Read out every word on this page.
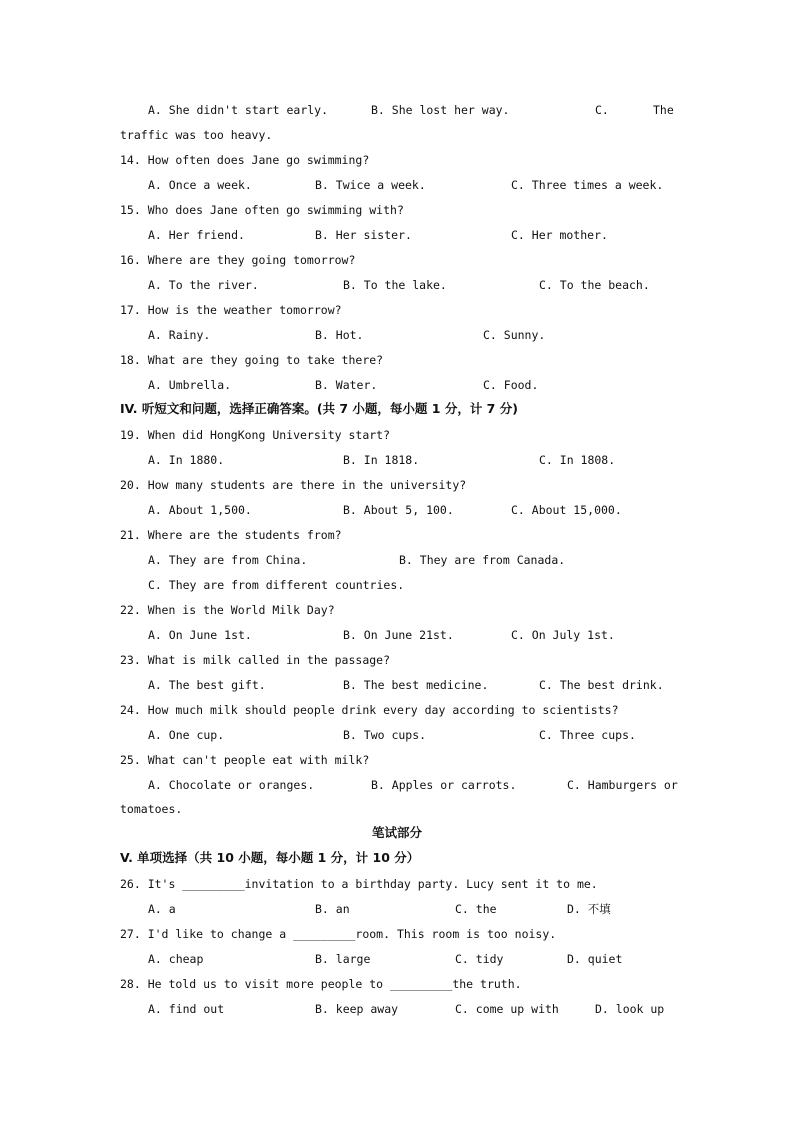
A. She didn't start early.	B. She lost her way.	C.	The
traffic was too heavy.
14. How often does Jane go swimming?
A. Once a week.	B. Twice a week.	C. Three times a week.
15. Who does Jane often go swimming with?
A. Her friend.	B. Her sister.	C. Her mother.
16. Where are they going tomorrow?
A. To the river.	B. To the lake.	C. To the beach.
17. How is the weather tomorrow?
A. Rainy.	B. Hot.	C. Sunny.
18. What are they going to take there?
A. Umbrella.	B. Water.	C. Food.
IV. 听短文和问题，选择正确答案。(共 7 小题，每小题 1 分，计 7 分)
19. When did HongKong University start?
A. In 1880.	B. In 1818.	C. In 1808.
20. How many students are there in the university?
A. About 1,500.	B. About 5, 100.	C. About 15,000.
21. Where are the students from?
A. They are from China.	B. They are from Canada.
C. They are from different countries.
22. When is the World Milk Day?
A. On June 1st.	B. On June 21st.	C. On July 1st.
23. What is milk called in the passage?
A. The best gift.	B. The best medicine.	C. The best drink.
24. How much milk should people drink every day according to scientists?
A. One cup.	B. Two cups.	C. Three cups.
25. What can't people eat with milk?
A. Chocolate or oranges.	B. Apples or carrots.	C. Hamburgers or
tomatoes.
笔试部分
V. 单项选择（共 10 小题，每小题 1 分，计 10 分）
26. It's _________invitation to a birthday party. Lucy sent it to me.
A. a	B. an	C. the	D. 不填
27. I'd like to change a _________room. This room is too noisy.
A. cheap	B. large	C. tidy	D. quiet
28. He told us to visit more people to _________the truth.
A. find out	B. keep away	C. come up with	D. look up
